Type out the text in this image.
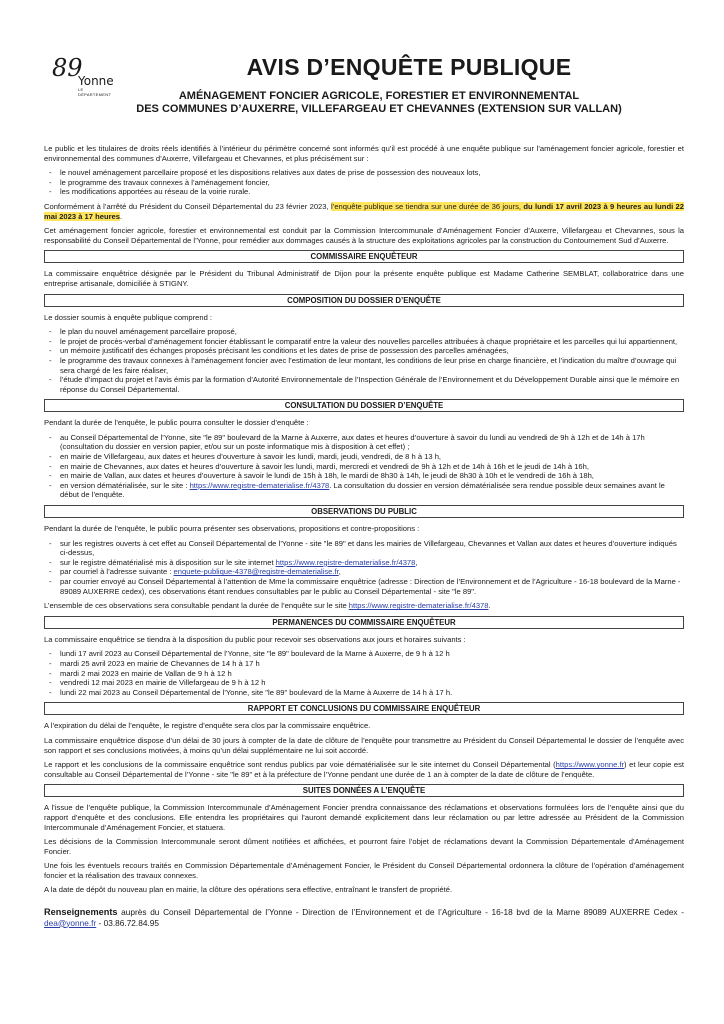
89
Yonne
LE DÉPARTEMENT
AVIS D’ENQUÊTE PUBLIQUE
AMÉNAGEMENT FONCIER AGRICOLE, FORESTIER ET ENVIRONNEMENTAL
DES COMMUNES D’AUXERRE, VILLEFARGEAU ET CHEVANNES (EXTENSION SUR VALLAN)

Le public et les titulaires de droits réels identifiés à l’intérieur du périmètre concerné sont informés qu’il est procédé à une enquête publique sur l’aménagement foncier agricole, forestier et environnemental des communes d’Auxerre, Villefargeau et Chevannes, et plus précisément sur :

- le nouvel aménagement parcellaire proposé et les dispositions relatives aux dates de prise de possession des nouveaux lots,
- le programme des travaux connexes à l’aménagement foncier,
- les modifications apportées au réseau de la voirie rurale.

Conformément à l’arrêté du Président du Conseil Départemental du 23 février 2023, l’enquête publique se tiendra sur une durée de 36 jours, du lundi 17 avril 2023 à 9 heures au lundi 22 mai 2023 à 17 heures.

Cet aménagement foncier agricole, forestier et environnemental est conduit par la Commission Intercommunale d’Aménagement Foncier d’Auxerre, Villefargeau et Chevannes, sous la responsabilité du Conseil Départemental de l’Yonne, pour remédier aux dommages causés à la structure des exploitations agricoles par la construction du Contournement Sud d’Auxerre.

COMMISSAIRE ENQUÊTEUR

La commissaire enquêtrice désignée par le Président du Tribunal Administratif de Dijon pour la présente enquête publique est Madame Catherine SEMBLAT, collaboratrice dans une entreprise artisanale, domiciliée à STIGNY.

COMPOSITION DU DOSSIER D’ENQUÊTE

Le dossier soumis à enquête publique comprend :

- le plan du nouvel aménagement parcellaire proposé,
- le projet de procès-verbal d’aménagement foncier établissant le comparatif entre la valeur des nouvelles parcelles attribuées à chaque propriétaire et les parcelles qui lui appartiennent,
- un mémoire justificatif des échanges proposés précisant les conditions et les dates de prise de possession des parcelles aménagées,
- le programme des travaux connexes à l’aménagement foncier avec l’estimation de leur montant, les conditions de leur prise en charge financière, et l’indication du maître d’ouvrage qui sera chargé de les faire réaliser,
- l’étude d’impact du projet et l’avis émis par la formation d’Autorité Environnementale de l’Inspection Générale de l’Environnement et du Développement Durable ainsi que le mémoire en réponse du Conseil Départemental.
CONSULTATION DU DOSSIER D’ENQUÊTE

Pendant la durée de l’enquête, le public pourra consulter le dossier d’enquête :

- au Conseil Départemental de l’Yonne, site "le 89" boulevard de la Marne à Auxerre, aux dates et heures d’ouverture à savoir du lundi au vendredi de 9h à 12h et de 14h à 17h (consultation du dossier en version papier, et/ou sur un poste informatique mis à disposition à cet effet) ;
- en mairie de Villefargeau, aux dates et heures d’ouverture à savoir les lundi, mardi, jeudi, vendredi, de 8 h à 13 h,
- en mairie de Chevannes, aux dates et heures d’ouverture à savoir les lundi, mardi, mercredi et vendredi de 9h à 12h et de 14h à 16h et le jeudi de 14h à 16h,
- en mairie de Vallan, aux dates et heures d’ouverture à savoir le lundi de 15h à 18h, le mardi de 8h30 à 14h, le jeudi de 8h30 à 10h et le vendredi de 16h à 18h,
- en version dématérialisée, sur le site : https://www.registre-dematerialise.fr/4378. La consultation du dossier en version dématérialisée sera rendue possible deux semaines avant le début de l’enquête.
OBSERVATIONS DU PUBLIC

Pendant la durée de l’enquête, le public pourra présenter ses observations, propositions et contre-propositions :

- sur les registres ouverts à cet effet au Conseil Départemental de l’Yonne - site "le 89" et dans les mairies de Villefargeau, Chevannes et Vallan aux dates et heures d’ouverture indiqués ci-dessus,
- sur le registre dématérialisé mis à disposition sur le site internet https://www.registre-dematerialise.fr/4378,
- par courriel à l’adresse suivante : enquete-publique-4378@registre-dematerialise.fr,
- par courrier envoyé au Conseil Départemental à l’attention de Mme la commissaire enquêtrice (adresse : Direction de l’Environnement et de l’Agriculture - 16-18 boulevard de la Marne - 89089 AUXERRE cedex), ces observations étant rendues consultables par le public au Conseil Départemental - site "le 89".

L’ensemble de ces observations sera consultable pendant la durée de l’enquête sur le site https://www.registre-dematerialise.fr/4378.

PERMANENCES DU COMMISSAIRE ENQUÊTEUR

La commissaire enquêtrice se tiendra à la disposition du public pour recevoir ses observations aux jours et horaires suivants :

- lundi 17 avril 2023 au Conseil Départemental de l’Yonne, site "le 89" boulevard de la Marne à Auxerre, de 9 h à 12 h
- mardi 25 avril 2023 en mairie de Chevannes de 14 h à 17 h
- mardi 2 mai 2023 en mairie de Vallan de 9 h à 12 h
- vendredi 12 mai 2023 en mairie de Villefargeau de 9 h à 12 h
- lundi 22 mai 2023 au Conseil Départemental de l’Yonne, site "le 89" boulevard de la Marne à Auxerre de 14 h à 17 h.
RAPPORT ET CONCLUSIONS DU COMMISSAIRE ENQUÊTEUR

A l’expiration du délai de l’enquête, le registre d’enquête sera clos par la commissaire enquêtrice.

La commissaire enquêtrice dispose d’un délai de 30 jours à compter de la date de clôture de l’enquête pour transmettre au Président du Conseil Départemental le dossier de l’enquête avec son rapport et ses conclusions motivées, à moins qu’un délai supplémentaire ne lui soit accordé.

Le rapport et les conclusions de la commissaire enquêtrice sont rendus publics par voie dématérialisée sur le site internet du Conseil Départemental (https://www.yonne.fr) et leur copie est consultable au Conseil Départemental de l’Yonne - site "le 89" et à la préfecture de l’Yonne pendant une durée de 1 an à compter de la date de clôture de l’enquête.

SUITES DONNÉES A L’ENQUÊTE

A l’issue de l’enquête publique, la Commission Intercommunale d’Aménagement Foncier prendra connaissance des réclamations et observations formulées lors de l’enquête ainsi que du rapport d’enquête et des conclusions. Elle entendra les propriétaires qui l’auront demandé explicitement dans leur réclamation ou par lettre adressée au Président de la Commission Intercommunale d’Aménagement Foncier, et statuera.

Les décisions de la Commission Intercommunale seront dûment notifiées et affichées, et pourront faire l’objet de réclamations devant la Commission Départementale d’Aménagement Foncier.

Une fois les éventuels recours traités en Commission Départementale d’Aménagement Foncier, le Président du Conseil Départemental ordonnera la clôture de l’opération d’aménagement foncier et la réalisation des travaux connexes.

A la date de dépôt du nouveau plan en mairie, la clôture des opérations sera effective, entraînant le transfert de propriété.

Renseignements auprès du Conseil Départemental de l’Yonne - Direction de l’Environnement et de l’Agriculture - 16-18 bvd de la Marne 89089 AUXERRE Cedex - dea@yonne.fr - 03.86.72.84.95
